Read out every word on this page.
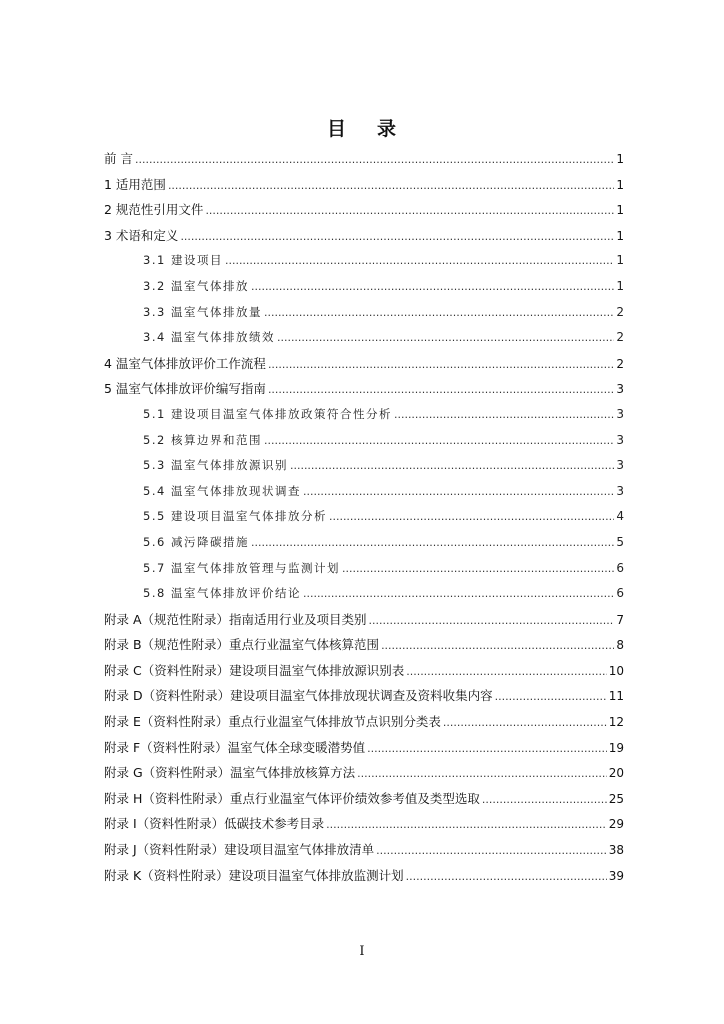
目 录
前 言 .....	1
1 适用范围 .....	1
2 规范性引用文件 .....	1
3 术语和定义 .....	1
3.1 建设项目 .....	1
3.2 温室气体排放 .....	1
3.3 温室气体排放量 .....	2
3.4 温室气体排放绩效 .....	2
4 温室气体排放评价工作流程 .....	2
5 温室气体排放评价编写指南 .....	3
5.1 建设项目温室气体排放政策符合性分析 .....	3
5.2 核算边界和范围 .....	3
5.3 温室气体排放源识别 .....	3
5.4 温室气体排放现状调查 .....	3
5.5 建设项目温室气体排放分析 .....	4
5.6 减污降碳措施 .....	5
5.7 温室气体排放管理与监测计划 .....	6
5.8 温室气体排放评价结论 .....	6
附录 A（规范性附录）指南适用行业及项目类别 .....	7
附录 B（规范性附录）重点行业温室气体核算范围 .....	8
附录 C（资料性附录）建设项目温室气体排放源识别表 .....	10
附录 D（资料性附录）建设项目温室气体排放现状调查及资料收集内容 .....	11
附录 E（资料性附录）重点行业温室气体排放节点识别分类表 .....	12
附录 F（资料性附录）温室气体全球变暖潜势值 .....	19
附录 G（资料性附录）温室气体排放核算方法 .....	20
附录 H（资料性附录）重点行业温室气体评价绩效参考值及类型选取 .....	25
附录 I（资料性附录）低碳技术参考目录 .....	29
附录 J（资料性附录）建设项目温室气体排放清单 .....	38
附录 K（资料性附录）建设项目温室气体排放监测计划 .....	39
I
